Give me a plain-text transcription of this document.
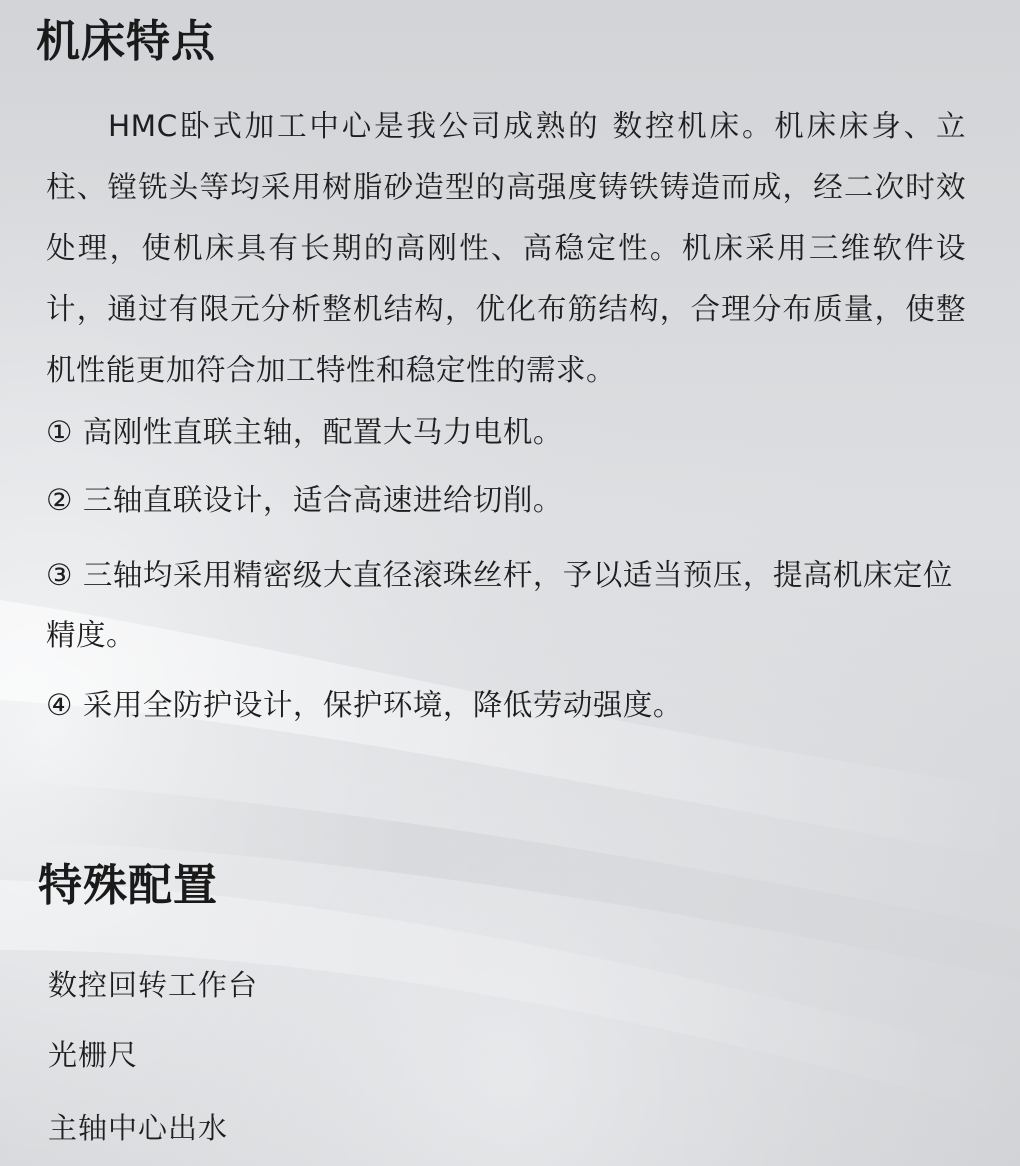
机床特点

HMC卧式加工中心是我公司成熟的 数控机床。机床床身、立柱、镗铣头等均采用树脂砂造型的高强度铸铁铸造而成，经二次时效处理，使机床具有长期的高刚性、高稳定性。机床采用三维软件设计，通过有限元分析整机结构，优化布筋结构，合理分布质量，使整机性能更加符合加工特性和稳定性的需求。

① 高刚性直联主轴，配置大马力电机。

② 三轴直联设计，适合高速进给切削。

③ 三轴均采用精密级大直径滚珠丝杆，予以适当预压，提高机床定位精度。

④ 采用全防护设计，保护环境，降低劳动强度。

特殊配置

数控回转工作台

光栅尺

主轴中心出水
